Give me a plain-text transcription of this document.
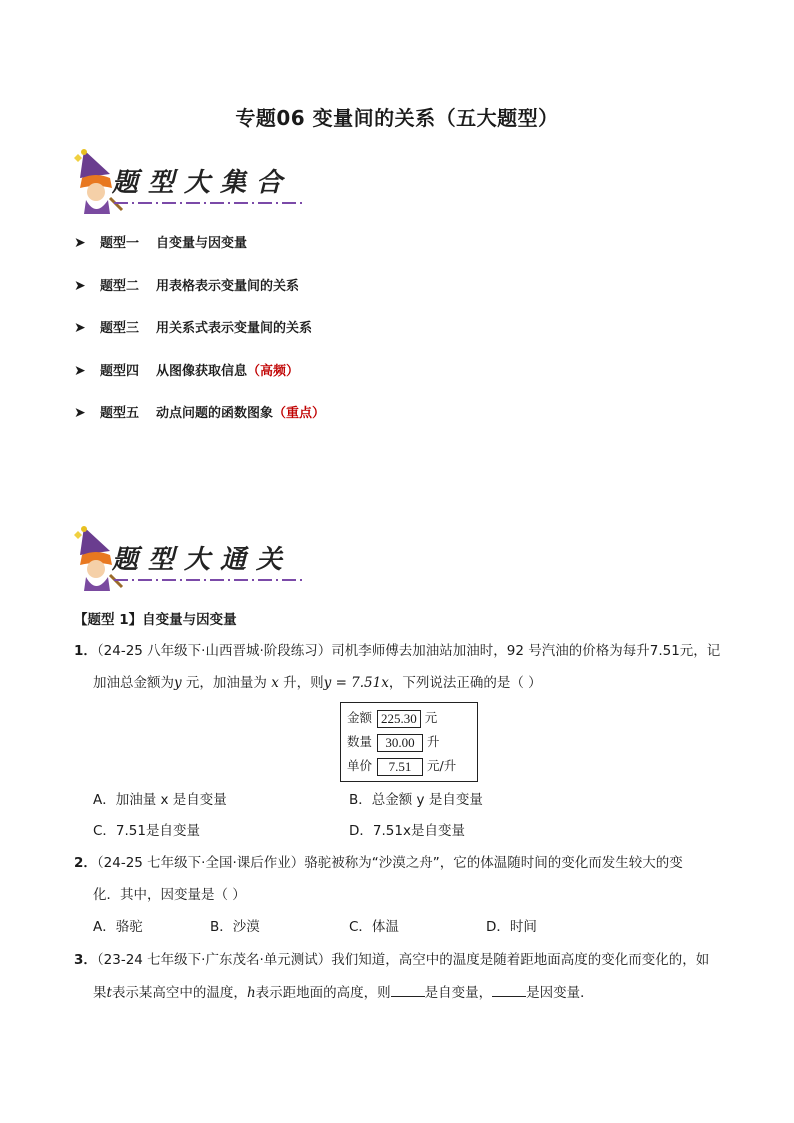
专题06 变量间的关系（五大题型）
题型大集合
➤ 题型一 自变量与因变量
➤ 题型二 用表格表示变量间的关系
➤ 题型三 用关系式表示变量间的关系
➤ 题型四 从图像获取信息（高频）
➤ 题型五 动点问题的函数图象（重点）
题型大通关
【题型 1】自变量与因变量
1．（24-25 八年级下·山西晋城·阶段练习）司机李师傅去加油站加油时，92 号汽油的价格为每升7.51元，记
加油总金额为y 元，加油量为 x 升，则y = 7.51x，下列说法正确的是（ ）
金额 225.30 元
数量 30.00 升
单价 7.51 元/升
A．加油量 x 是自变量	B．总金额 y 是自变量
C．7.51是自变量	D．7.51x是自变量
2．（24-25 七年级下·全国·课后作业）骆驼被称为“沙漠之舟”，它的体温随时间的变化而发生较大的变
化．其中，因变量是（ ）
A．骆驼	B．沙漠	C．体温	D．时间
3．（23-24 七年级下·广东茂名·单元测试）我们知道，高空中的温度是随着距地面高度的变化而变化的，如
果t表示某高空中的温度，h表示距地面的高度，则	是自变量，	是因变量．
